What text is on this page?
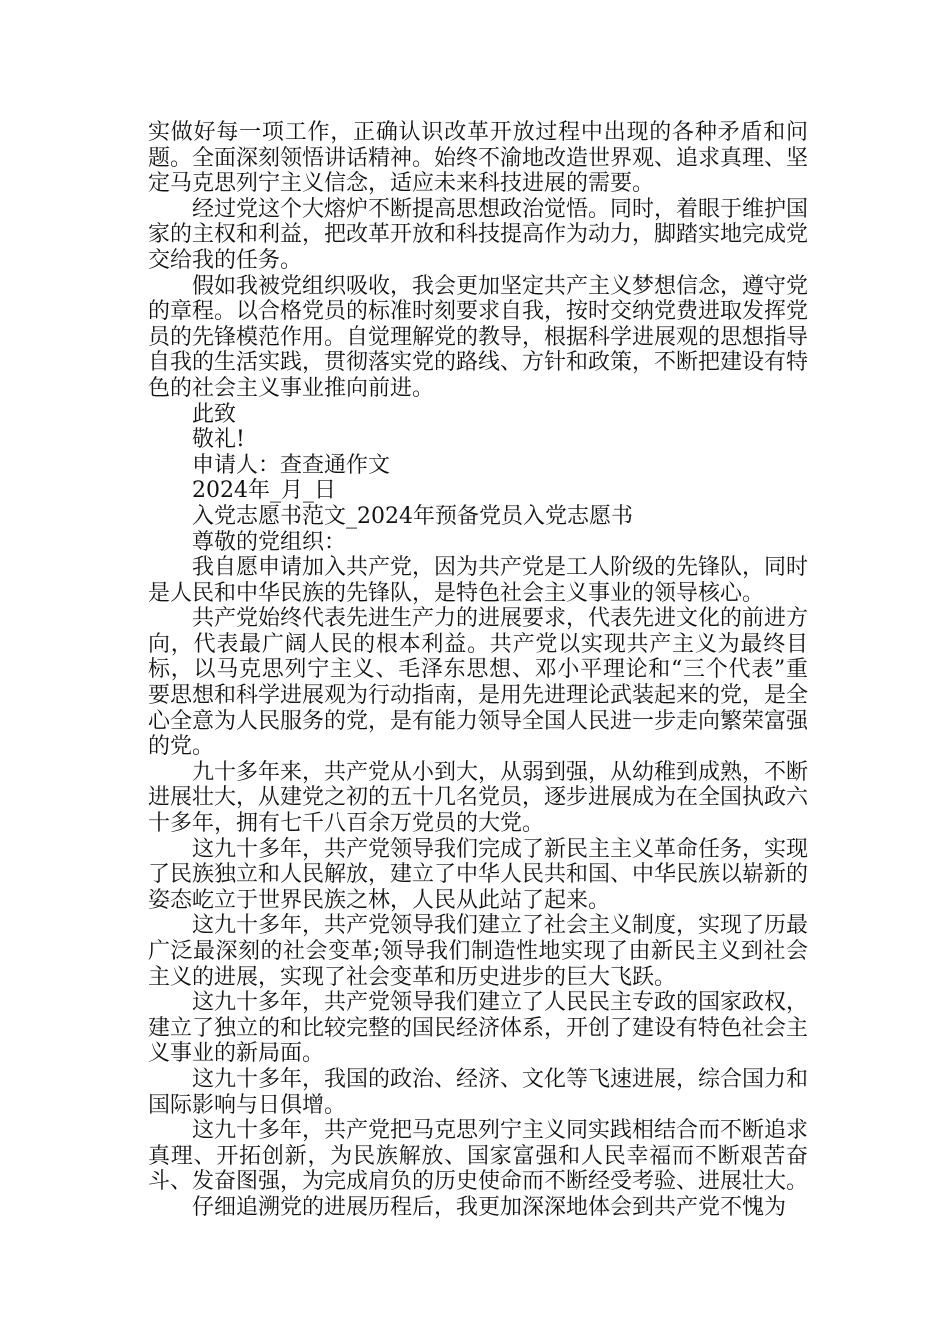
实做好每一项工作，正确认识改革开放过程中出现的各种矛盾和问题。全面深刻领悟讲话精神。始终不渝地改造世界观、追求真理、坚定马克思列宁主义信念，适应未来科技进展的需要。

经过党这个大熔炉不断提高思想政治觉悟。同时，着眼于维护国家的主权和利益，把改革开放和科技提高作为动力，脚踏实地完成党交给我的任务。

假如我被党组织吸收，我会更加坚定共产主义梦想信念，遵守党的章程。以合格党员的标准时刻要求自我，按时交纳党费进取发挥党员的先锋模范作用。自觉理解党的教导，根据科学进展观的思想指导自我的生活实践，贯彻落实党的路线、方针和政策，不断把建设有特色的社会主义事业推向前进。

此致

敬礼!

申请人：查查通作文

2024年_月_日

入党志愿书范文_2024年预备党员入党志愿书

尊敬的党组织：

我自愿申请加入共产党，因为共产党是工人阶级的先锋队，同时是人民和中华民族的先锋队，是特色社会主义事业的领导核心。

共产党始终代表先进生产力的进展要求，代表先进文化的前进方向，代表最广阔人民的根本利益。共产党以实现共产主义为最终目标，以马克思列宁主义、毛泽东思想、邓小平理论和“三个代表”重要思想和科学进展观为行动指南，是用先进理论武装起来的党，是全心全意为人民服务的党，是有能力领导全国人民进一步走向繁荣富强的党。

九十多年来，共产党从小到大，从弱到强，从幼稚到成熟，不断进展壮大，从建党之初的五十几名党员，逐步进展成为在全国执政六十多年，拥有七千八百余万党员的大党。

这九十多年，共产党领导我们完成了新民主主义革命任务，实现了民族独立和人民解放，建立了中华人民共和国、中华民族以崭新的姿态屹立于世界民族之林，人民从此站了起来。

这九十多年，共产党领导我们建立了社会主义制度，实现了历最广泛最深刻的社会变革;领导我们制造性地实现了由新民主义到社会主义的进展，实现了社会变革和历史进步的巨大飞跃。

这九十多年，共产党领导我们建立了人民民主专政的国家政权，建立了独立的和比较完整的国民经济体系，开创了建设有特色社会主义事业的新局面。

这九十多年，我国的政治、经济、文化等飞速进展，综合国力和国际影响与日俱增。

这九十多年，共产党把马克思列宁主义同实践相结合而不断追求真理、开拓创新，为民族解放、国家富强和人民幸福而不断艰苦奋斗、发奋图强，为完成肩负的历史使命而不断经受考验、进展壮大。

仔细追溯党的进展历程后，我更加深深地体会到共产党不愧为
